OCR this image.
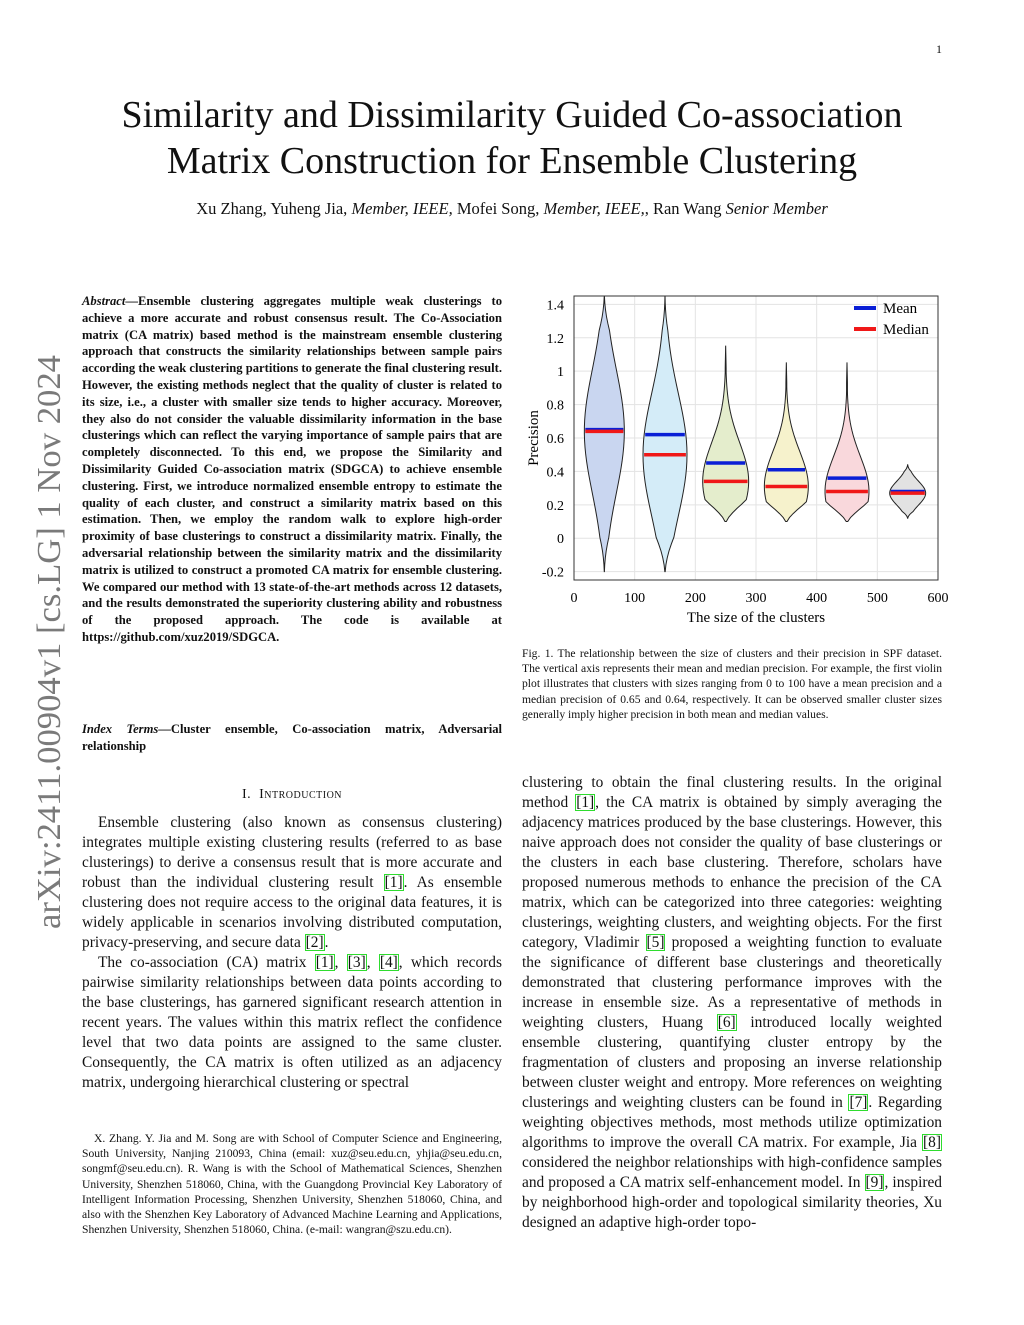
1
arXiv:2411.00904v1 [cs.LG] 1 Nov 2024
Similarity and Dissimilarity Guided Co-association
Matrix Construction for Ensemble Clustering
Xu Zhang, Yuheng Jia, Member, IEEE, Mofei Song, Member, IEEE,, Ran Wang Senior Member
Abstract—Ensemble clustering aggregates multiple weak clusterings to achieve a more accurate and robust consensus result. The Co-Association matrix (CA matrix) based method is the mainstream ensemble clustering approach that constructs the similarity relationships between sample pairs according the weak clustering partitions to generate the final clustering result. However, the existing methods neglect that the quality of cluster is related to its size, i.e., a cluster with smaller size tends to higher accuracy. Moreover, they also do not consider the valuable dissimilarity information in the base clusterings which can reflect the varying importance of sample pairs that are completely disconnected. To this end, we propose the Similarity and Dissimilarity Guided Co-association matrix (SDGCA) to achieve ensemble clustering. First, we introduce normalized ensemble entropy to estimate the quality of each cluster, and construct a similarity matrix based on this estimation. Then, we employ the random walk to explore high-order proximity of base clusterings to construct a dissimilarity matrix. Finally, the adversarial relationship between the similarity matrix and the dissimilarity matrix is utilized to construct a promoted CA matrix for ensemble clustering. We compared our method with 13 state-of-the-art methods across 12 datasets, and the results demonstrated the superiority clustering ability and robustness of the proposed approach. The code is available at https://github.com/xuz2019/SDGCA.
Index Terms—Cluster ensemble, Co-association matrix, Adversarial relationship
I. Introduction

Ensemble clustering (also known as consensus clustering) integrates multiple existing clustering results (referred to as base clusterings) to derive a consensus result that is more accurate and robust than the individual clustering result [1]. As ensemble clustering does not require access to the original data features, it is widely applicable in scenarios involving distributed computation, privacy-preserving, and secure data [2].

The co-association (CA) matrix [1], [3], [4], which records pairwise similarity relationships between data points according to the base clusterings, has garnered significant research attention in recent years. The values within this matrix reflect the confidence level that two data points are assigned to the same cluster. Consequently, the CA matrix is often utilized as an adjacency matrix, undergoing hierarchical clustering or spectral

X. Zhang. Y. Jia and M. Song are with School of Computer Science and Engineering, South University, Nanjing 210093, China (email: xuz@seu.edu.cn, yhjia@seu.edu.cn, songmf@seu.edu.cn). R. Wang is with the School of Mathematical Sciences, Shenzhen University, Shenzhen 518060, China, with the Guangdong Provincial Key Laboratory of Intelligent Information Processing, Shenzhen University, Shenzhen 518060, China, and also with the Shenzhen Key Laboratory of Advanced Machine Learning and Applications, Shenzhen University, Shenzhen 518060, China. (e-mail: wangran@szu.edu.cn).

-0.2
0
0.2
0.4
0.6
0.8
1
1.2
1.4
0	100	200	300	400	500	600
The size of the clusters
Precision
Mean
Median
Fig. 1. The relationship between the size of clusters and their precision in SPF dataset. The vertical axis represents their mean and median precision. For example, the first violin plot illustrates that clusters with sizes ranging from 0 to 100 have a mean precision and a median precision of 0.65 and 0.64, respectively. It can be observed smaller cluster sizes generally imply higher precision in both mean and median values.

clustering to obtain the final clustering results. In the original method [1], the CA matrix is obtained by simply averaging the adjacency matrices produced by the base clusterings. However, this naive approach does not consider the quality of base clusterings or the clusters in each base clustering. Therefore, scholars have proposed numerous methods to enhance the precision of the CA matrix, which can be categorized into three categories: weighting clusterings, weighting clusters, and weighting objects. For the first category, Vladimir [5] proposed a weighting function to evaluate the significance of different base clusterings and theoretically demonstrated that clustering performance improves with the increase in ensemble size. As a representative of methods in weighting clusters, Huang [6] introduced locally weighted ensemble clustering, quantifying cluster entropy by the fragmentation of clusters and proposing an inverse relationship between cluster weight and entropy. More references on weighting clusterings and weighting clusters can be found in [7]. Regarding weighting objectives methods, most methods utilize optimization algorithms to improve the overall CA matrix. For example, Jia [8] considered the neighbor relationships with high-confidence samples and proposed a CA matrix self-enhancement model. In [9], inspired by neighborhood high-order and topological similarity theories, Xu designed an adaptive high-order topo-
